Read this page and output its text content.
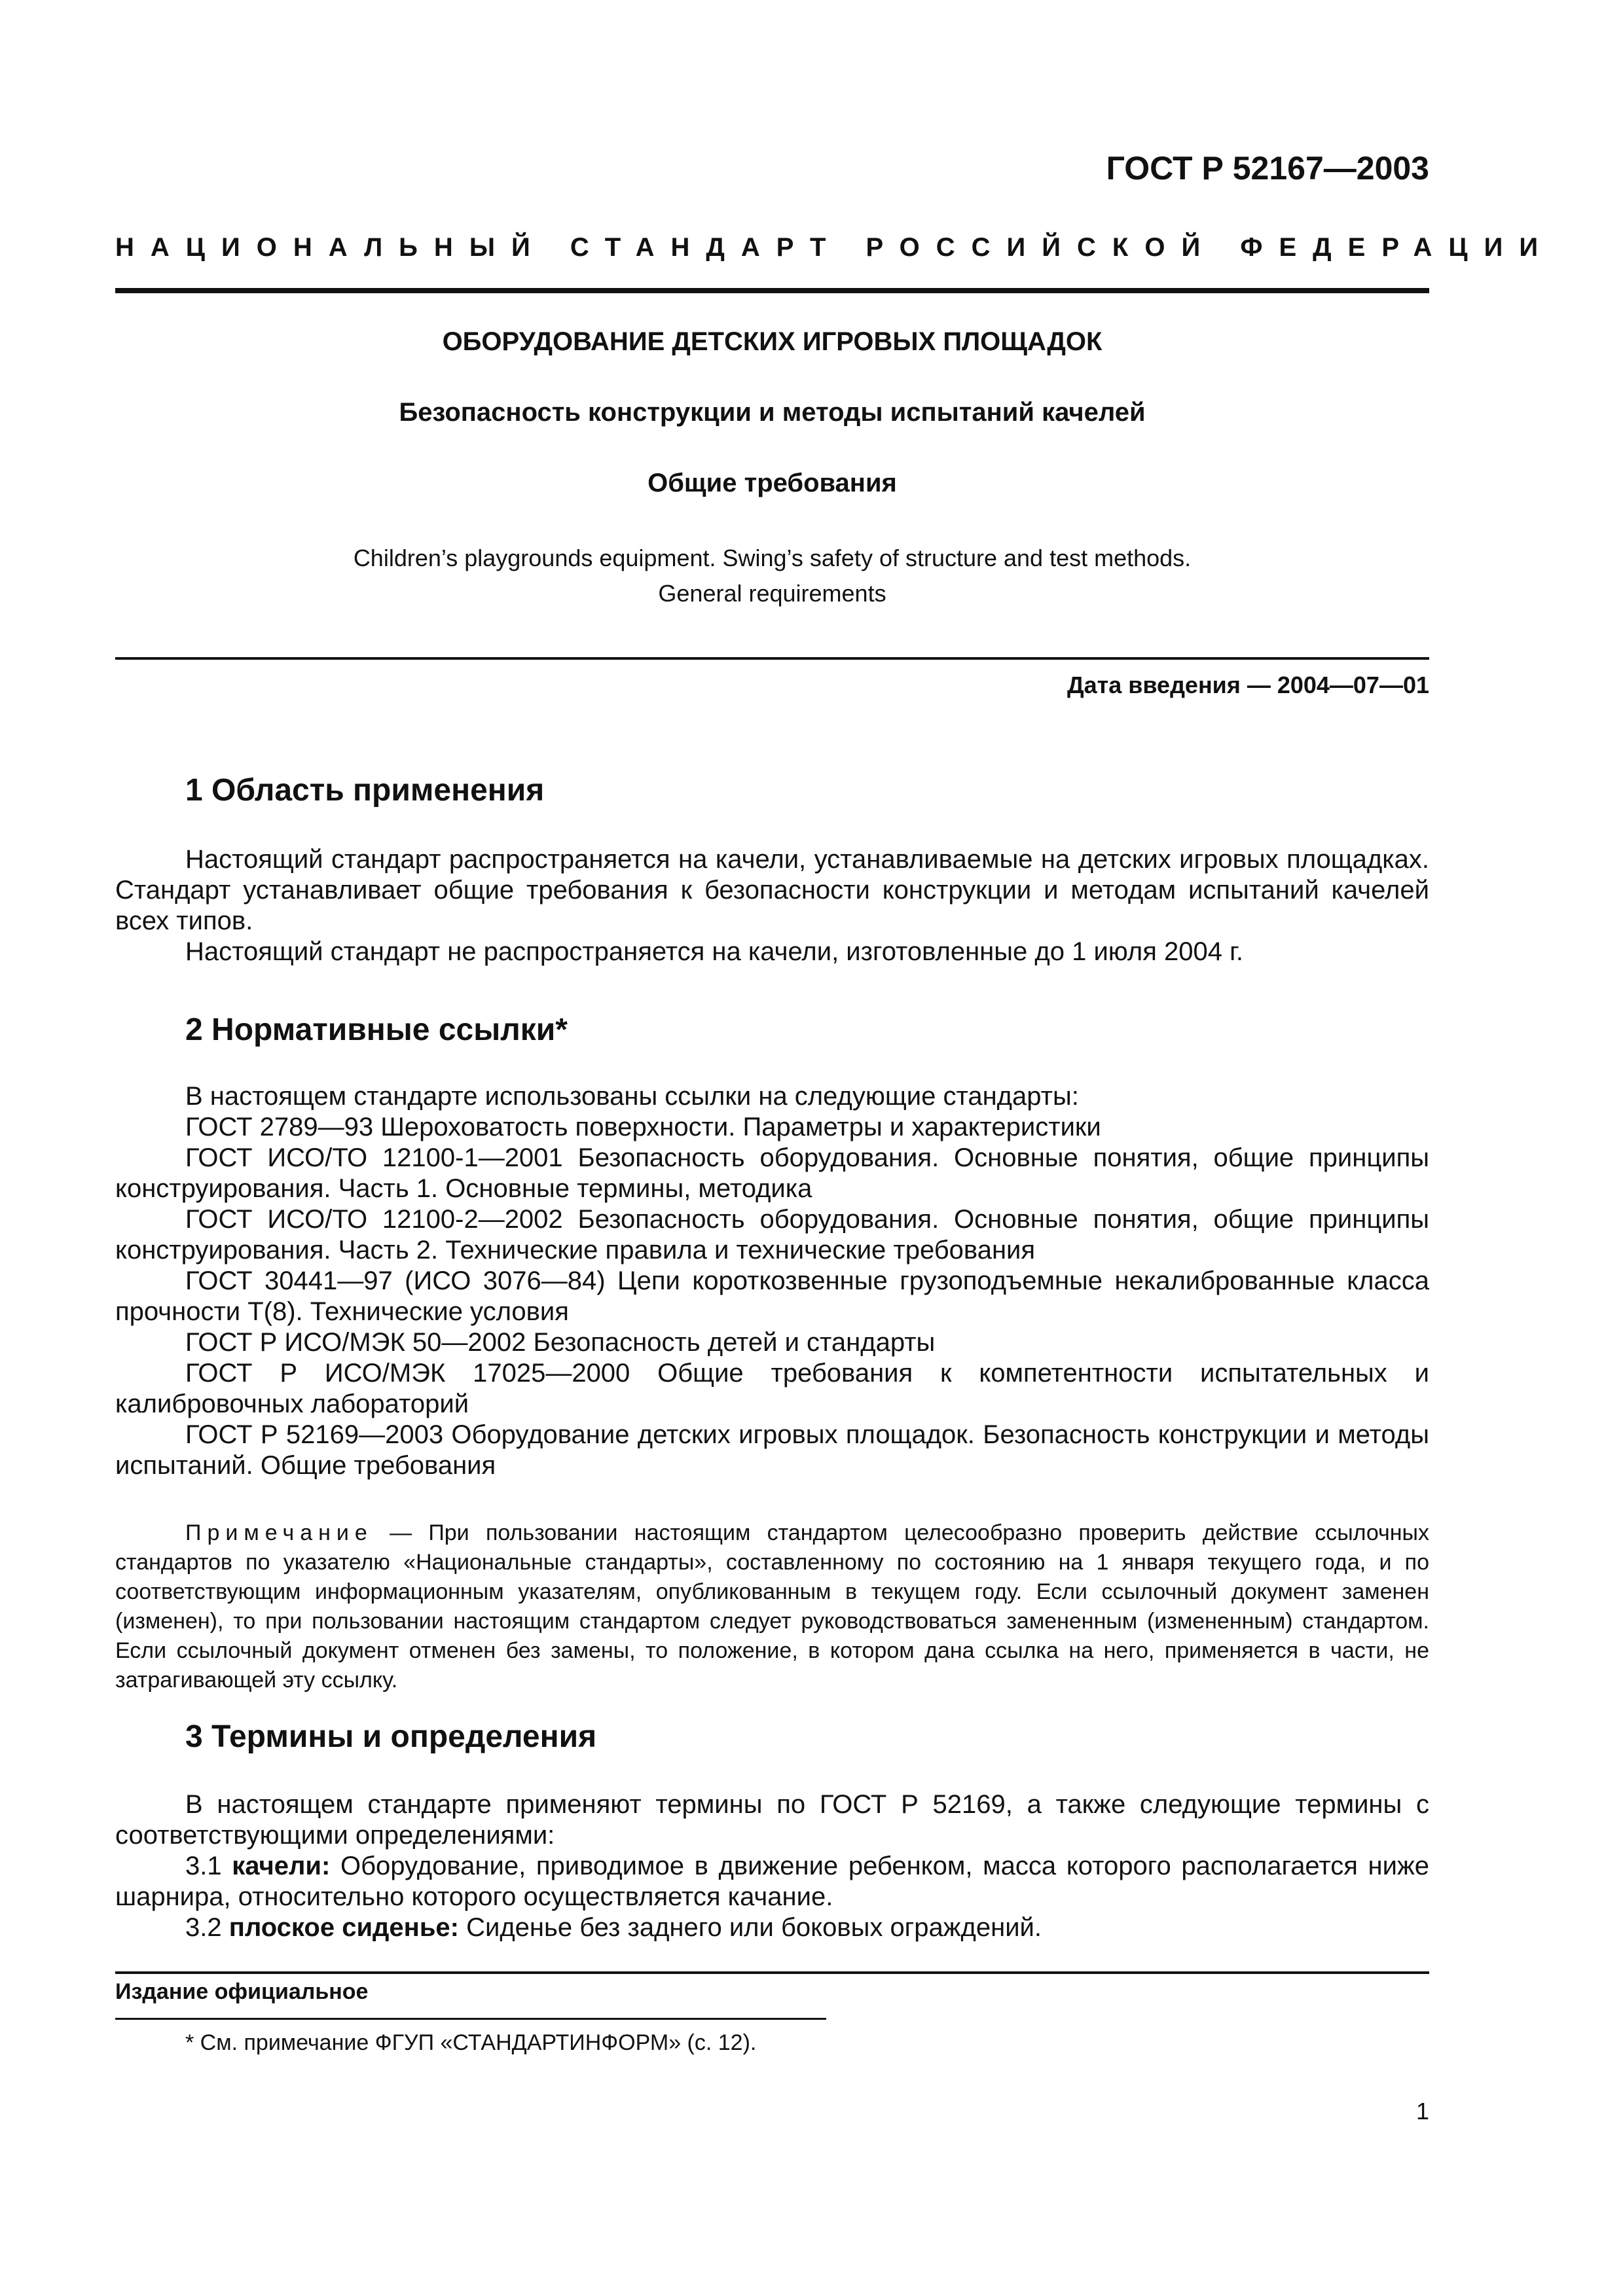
ГОСТ Р 52167—2003
НАЦИОНАЛЬНЫЙ СТАНДАРТ РОССИЙСКОЙ ФЕДЕРАЦИИ
ОБОРУДОВАНИЕ ДЕТСКИХ ИГРОВЫХ ПЛОЩАДОК
Безопасность конструкции и методы испытаний качелей
Общие требования
Children’s playgrounds equipment. Swing’s safety of structure and test methods.
General requirements
Дата введения — 2004—07—01
1 Область применения

Настоящий стандарт распространяется на качели, устанавливаемые на детских игровых площадках. Стандарт устанавливает общие требования к безопасности конструкции и методам испытаний качелей всех типов.

Настоящий стандарт не распространяется на качели, изготовленные до 1 июля 2004 г.

2 Нормативные ссылки*

В настоящем стандарте использованы ссылки на следующие стандарты:

ГОСТ 2789—93 Шероховатость поверхности. Параметры и характеристики

ГОСТ ИСО/ТО 12100-1—2001 Безопасность оборудования. Основные понятия, общие принципы конструирования. Часть 1. Основные термины, методика

ГОСТ ИСО/ТО 12100-2—2002 Безопасность оборудования. Основные понятия, общие принципы конструирования. Часть 2. Технические правила и технические требования

ГОСТ 30441—97 (ИСО 3076—84) Цепи короткозвенные грузоподъемные некалиброванные класса прочности Т(8). Технические условия

ГОСТ Р ИСО/МЭК 50—2002 Безопасность детей и стандарты

ГОСТ Р ИСО/МЭК 17025—2000 Общие требования к компетентности испытательных и калибровочных лабораторий

ГОСТ Р 52169—2003 Оборудование детских игровых площадок. Безопасность конструкции и методы испытаний. Общие требования

Примечание — При пользовании настоящим стандартом целесообразно проверить действие ссылочных стандартов по указателю «Национальные стандарты», составленному по состоянию на 1 января текущего года, и по соответствующим информационным указателям, опубликованным в текущем году. Если ссылочный документ заменен (изменен), то при пользовании настоящим стандартом следует руководствоваться замененным (измененным) стандартом. Если ссылочный документ отменен без замены, то положение, в котором дана ссылка на него, применяется в части, не затрагивающей эту ссылку.

3 Термины и определения

В настоящем стандарте применяют термины по ГОСТ Р 52169, а также следующие термины с соответствующими определениями:

3.1 качели: Оборудование, приводимое в движение ребенком, масса которого располагается ниже шарнира, относительно которого осуществляется качание.

3.2 плоское сиденье: Сиденье без заднего или боковых ограждений.

Издание официальное
* См. примечание ФГУП «СТАНДАРТИНФОРМ» (с. 12).
1
